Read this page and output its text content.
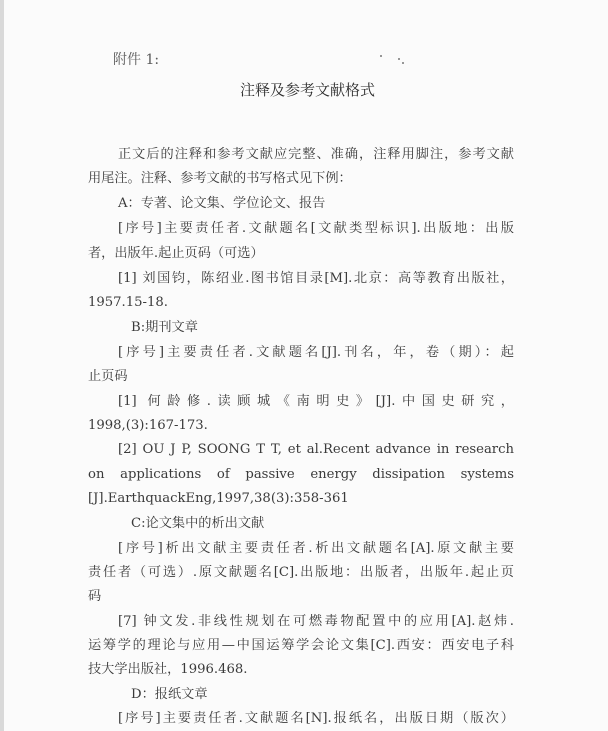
附件 1:
注释及参考文献格式
正文后的注释和参考文献应完整、准确，注释用脚注，参考文献
用尾注。注释、参考文献的书写格式见下例：
A：专著、论文集、学位论文、报告
[序号]主要责任者.文献题名[文献类型标识].出版地：出版
者，出版年.起止页码（可选）
[1] 刘国钧，陈绍业.图书馆目录[M].北京：高等教育出版社，
1957.15-18.
B:期刊文章
[序号]主要责任者.文献题名[J].刊名，年，卷（期）：起
止页码
[1] 何龄修.读顾城《南明史》[J].中国史研究，
1998,(3):167-173.
[2] OU J P, SOONG T T, et al.Recent advance in research
on applications of passive energy dissipation systems
[J].EarthquackEng,1997,38(3):358-361
C:论文集中的析出文献
[序号]析出文献主要责任者.析出文献题名[A].原文献主要
责任者（可选）.原文献题名[C].出版地：出版者，出版年.起止页
码
[7] 钟文发.非线性规划在可燃毒物配置中的应用[A].赵炜.
运筹学的理论与应用—中国运筹学会论文集[C].西安：西安电子科
技大学出版社，1996.468.
D：报纸文章
[序号]主要责任者.文献题名[N].报纸名，出版日期（版次）
